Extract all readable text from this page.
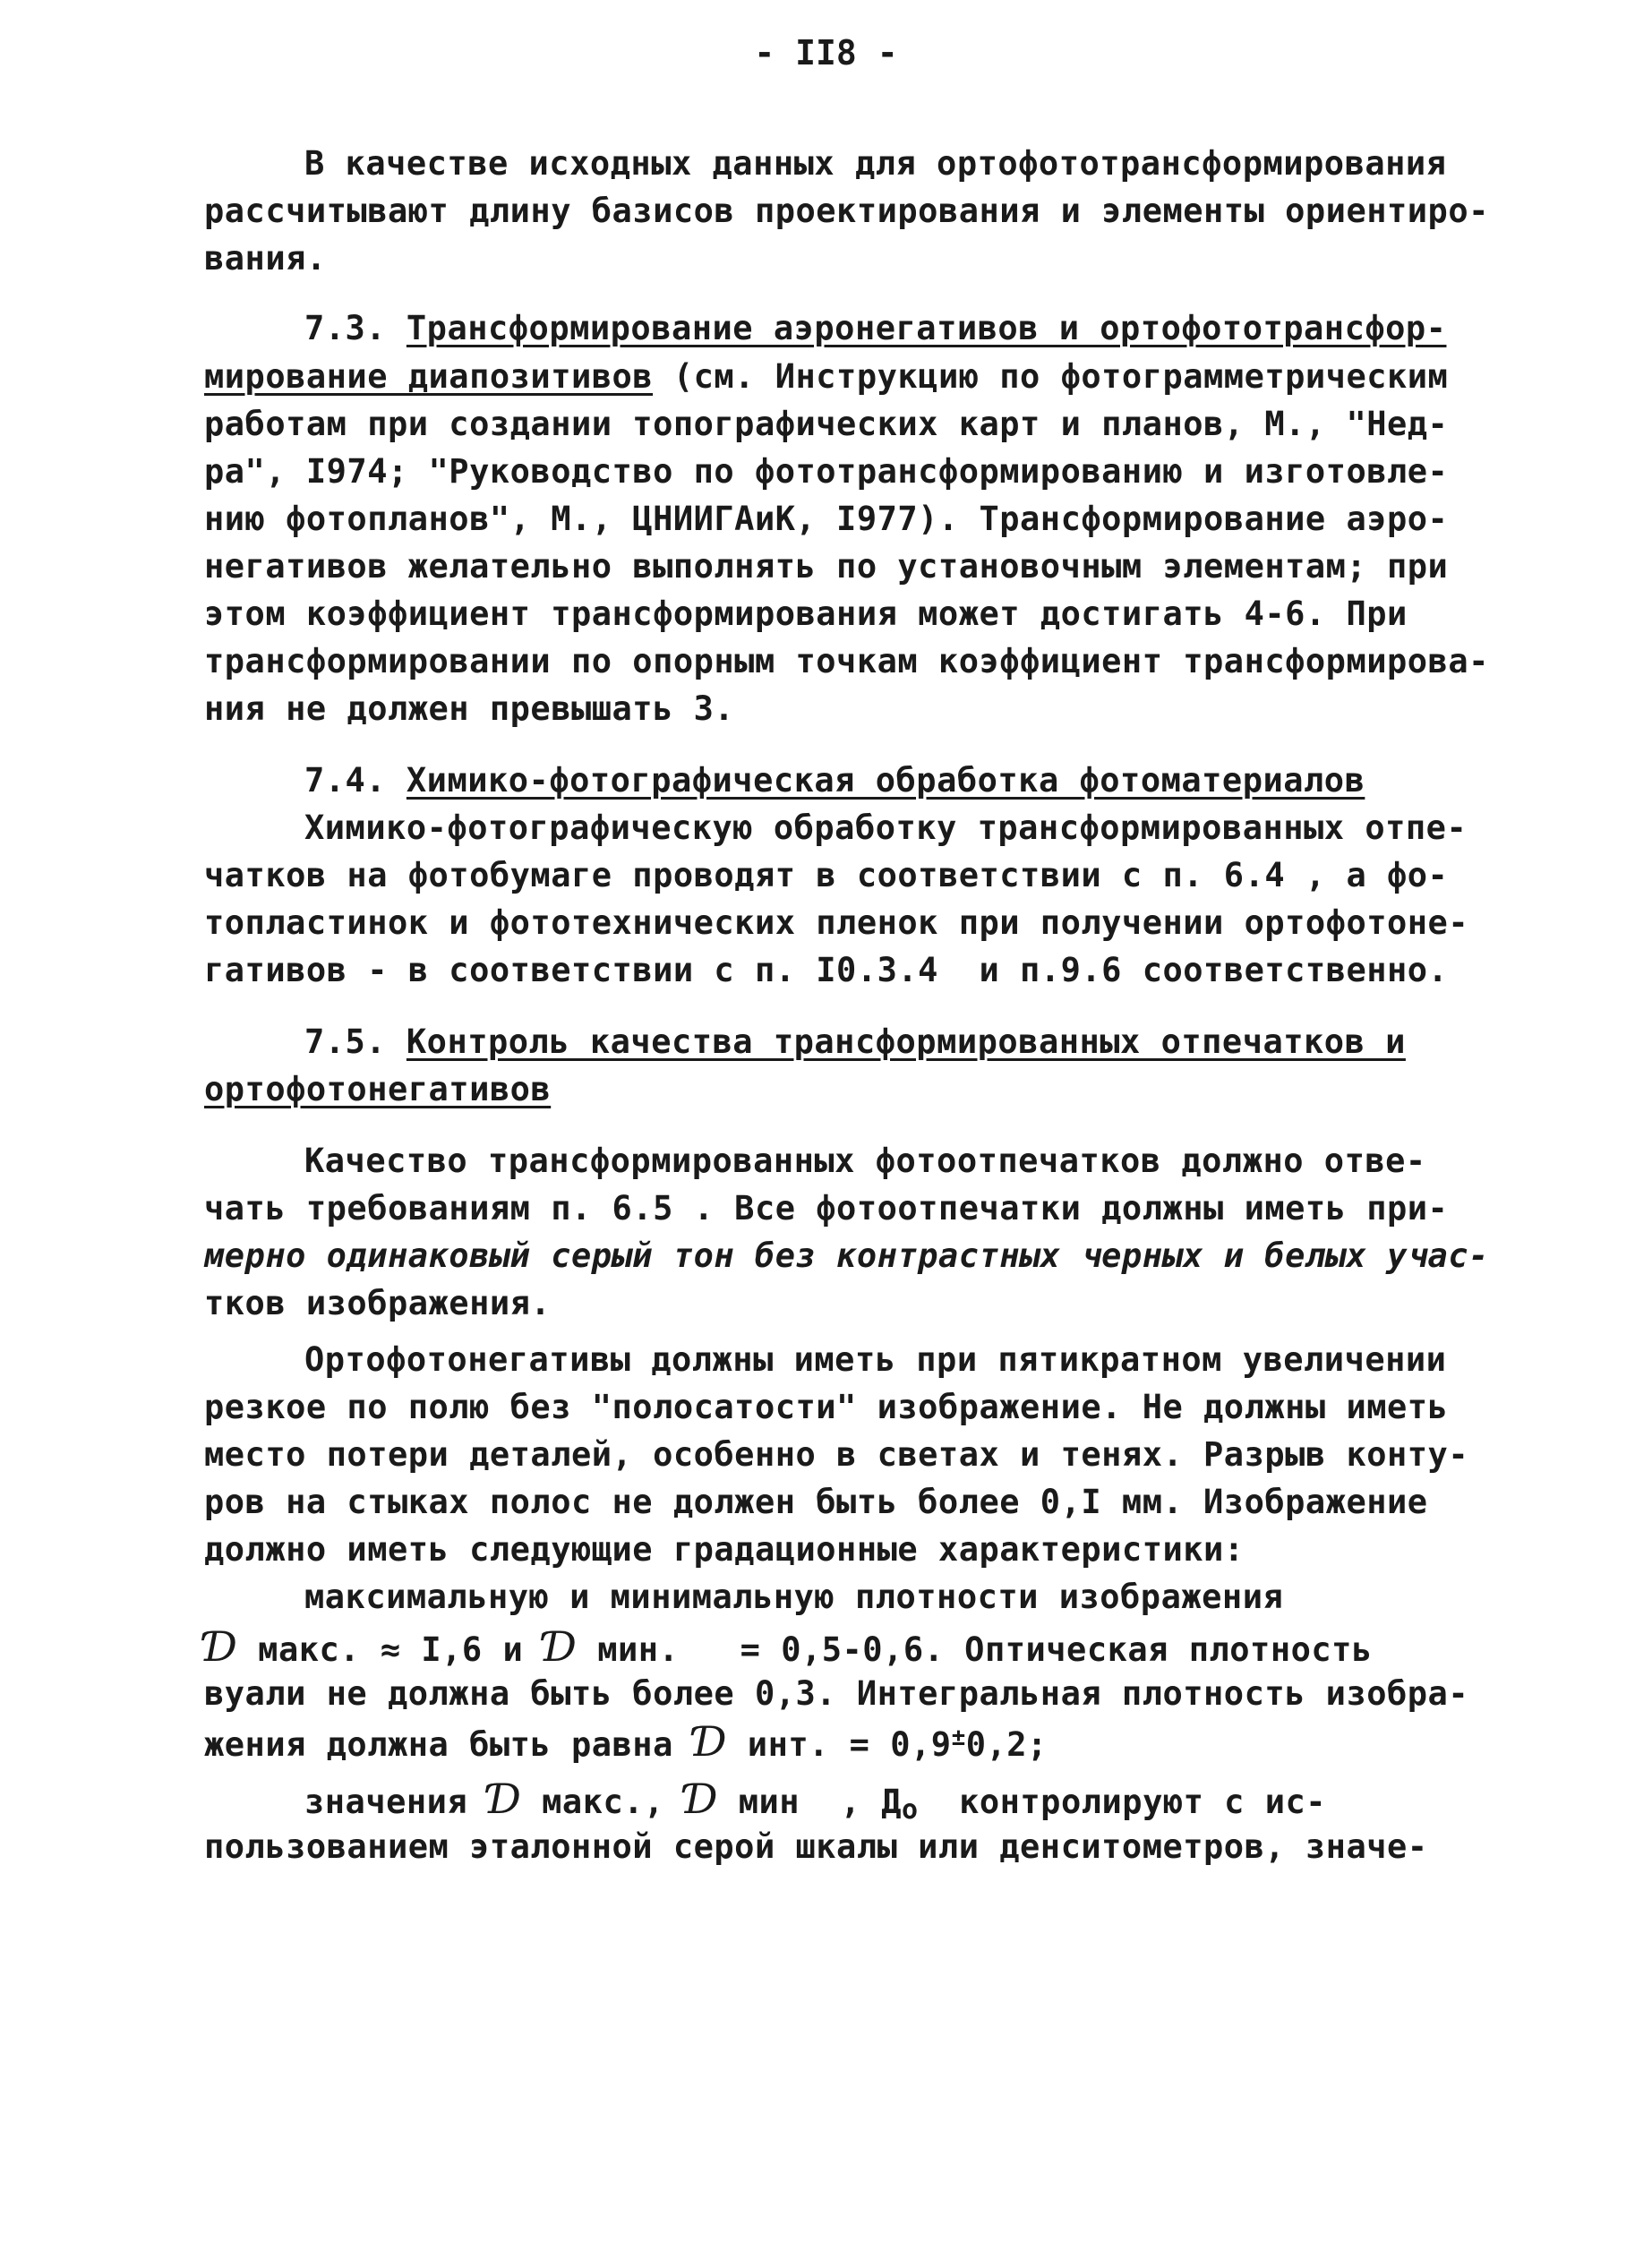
- II8 -
В качестве исходных данных для ортофототрансформирования
рассчитывают длину базисов проектирования и элементы ориентиро-
вания.
7.3. Трансформирование аэронегативов и ортофототрансфор-
мирование диапозитивов (см. Инструкцию по фотограмметрическим
работам при создании топографических карт и планов, М., "Нед-
ра", I974; "Руководство по фототрансформированию и изготовле-
нию фотопланов", М., ЦНИИГАиК, I977). Трансформирование аэро-
негативов желательно выполнять по установочным элементам; при
этом коэффициент трансформирования может достигать 4-6. При
трансформировании по опорным точкам коэффициент трансформирова-
ния не должен превышать 3.
7.4. Химико-фотографическая обработка фотоматериалов
Химико-фотографическую обработку трансформированных отпе-
чатков на фотобумаге проводят в соответствии с п. 6.4 , а фо-
топластинок и фототехнических пленок при получении ортофотоне-
гативов - в соответствии с п. I0.3.4  и п.9.6 соответственно.
7.5. Контроль качества трансформированных отпечатков и
ортофотонегативов
Качество трансформированных фотоотпечатков должно отве-
чать требованиям п. 6.5 . Все фотоотпечатки должны иметь при-
мерно одинаковый серый тон без контрастных черных и белых учас-
тков изображения.
Ортофотонегативы должны иметь при пятикратном увеличении
резкое по полю без "полосатости" изображение. Не должны иметь
место потери деталей, особенно в светах и тенях. Разрыв конту-
ров на стыках полос не должен быть более 0,I мм. Изображение
должно иметь следующие градационные характеристики:
максимальную и минимальную плотности изображения
Ɗ макс. ≈ I,6 и Ɗ мин.   = 0,5-0,6. Оптическая плотность
вуали не должна быть более 0,3. Интегральная плотность изобра-
жения должна быть равна Ɗ инт. = 0,9±0,2;
значения Ɗ макс., Ɗ мин  , До  контролируют с ис-
пользованием эталонной серой шкалы или денситометров, значе-
